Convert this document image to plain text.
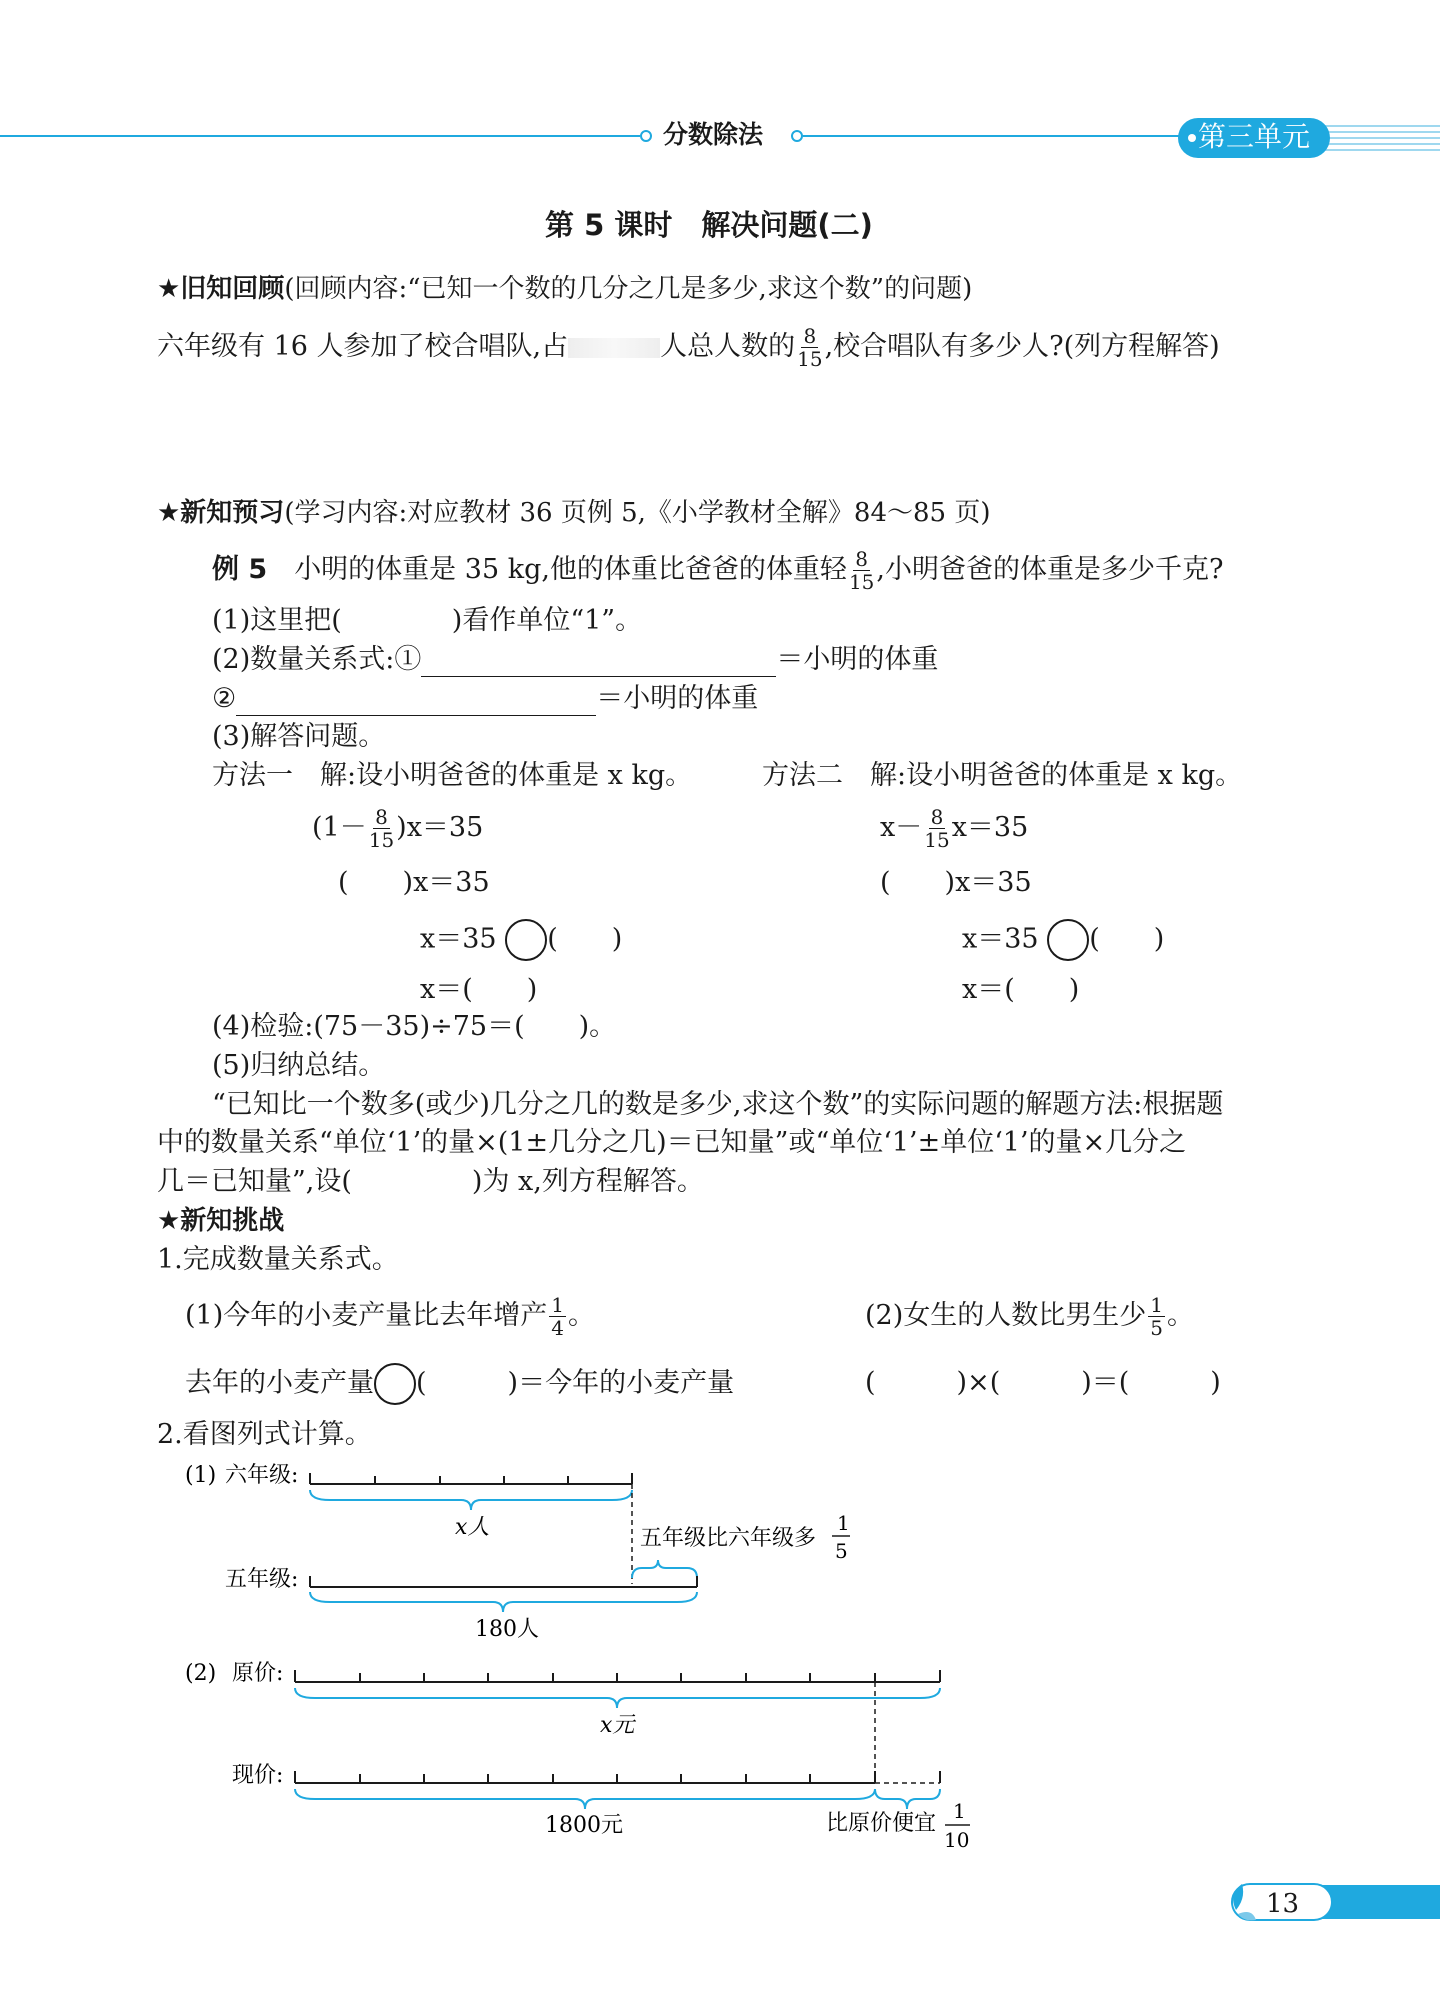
分数除法	第三单元
第 5 课时　解决问题(二)
★旧知回顾(回顾内容:“已知一个数的几分之几是多少,求这个数”的问题)
六年级有 16 人参加了校合唱队,占	人总人数的 $\frac{8}{15}$ ,校合唱队有多少人?(列方程解答)
★新知预习(学习内容:对应教材 36 页例 5,《小学教材全解》84～85 页)
例 5　 小明的体重是 35 kg,他的体重比爸爸的体重轻 $\frac{8}{15}$ ,小明爸爸的体重是多少千克?
(1)这里把(	)看作单位“1”。
(2)数量关系式:①	＝小明的体重
②	＝小明的体重
(3)解答问题。
方法一　解:设小明爸爸的体重是 x kg。	方法二　解:设小明爸爸的体重是 x kg。
$(1- \frac{8}{15} )x=35$
(　　)x＝35
x＝35 (　　)
x＝(　　)
$x- \frac{8}{15} x=35$
(　　)x＝35
x＝35 (　　)
x＝(　　)
(4)检验:(75－35)÷75＝(　　)。
(5)归纳总结。
“已知比一个数多(或少)几分之几的数是多少,求这个数”的实际问题的解题方法:根据题
中的数量关系“单位‘1’的量×(1±几分之几)＝已知量”或“单位‘1’±单位‘1’的量×几分之
几＝已知量”,设(	)为 x,列方程解答。
★新知挑战
1.完成数量关系式。
(1)今年的小麦产量比去年增产 $\frac{1}{4}$ 。	(2)女生的人数比男生少 $\frac{1}{5}$ 。
去年的小麦产量 (　　　)＝今年的小麦产量	(　　　)×(　　　)＝(　　　)
2.看图列式计算。
(1) 六年级:
x人	五年级比六年级多
1
5
五年级:
180人
(2) 原价:
x元
现价:
1800元	比原价便宜 1
10
13
